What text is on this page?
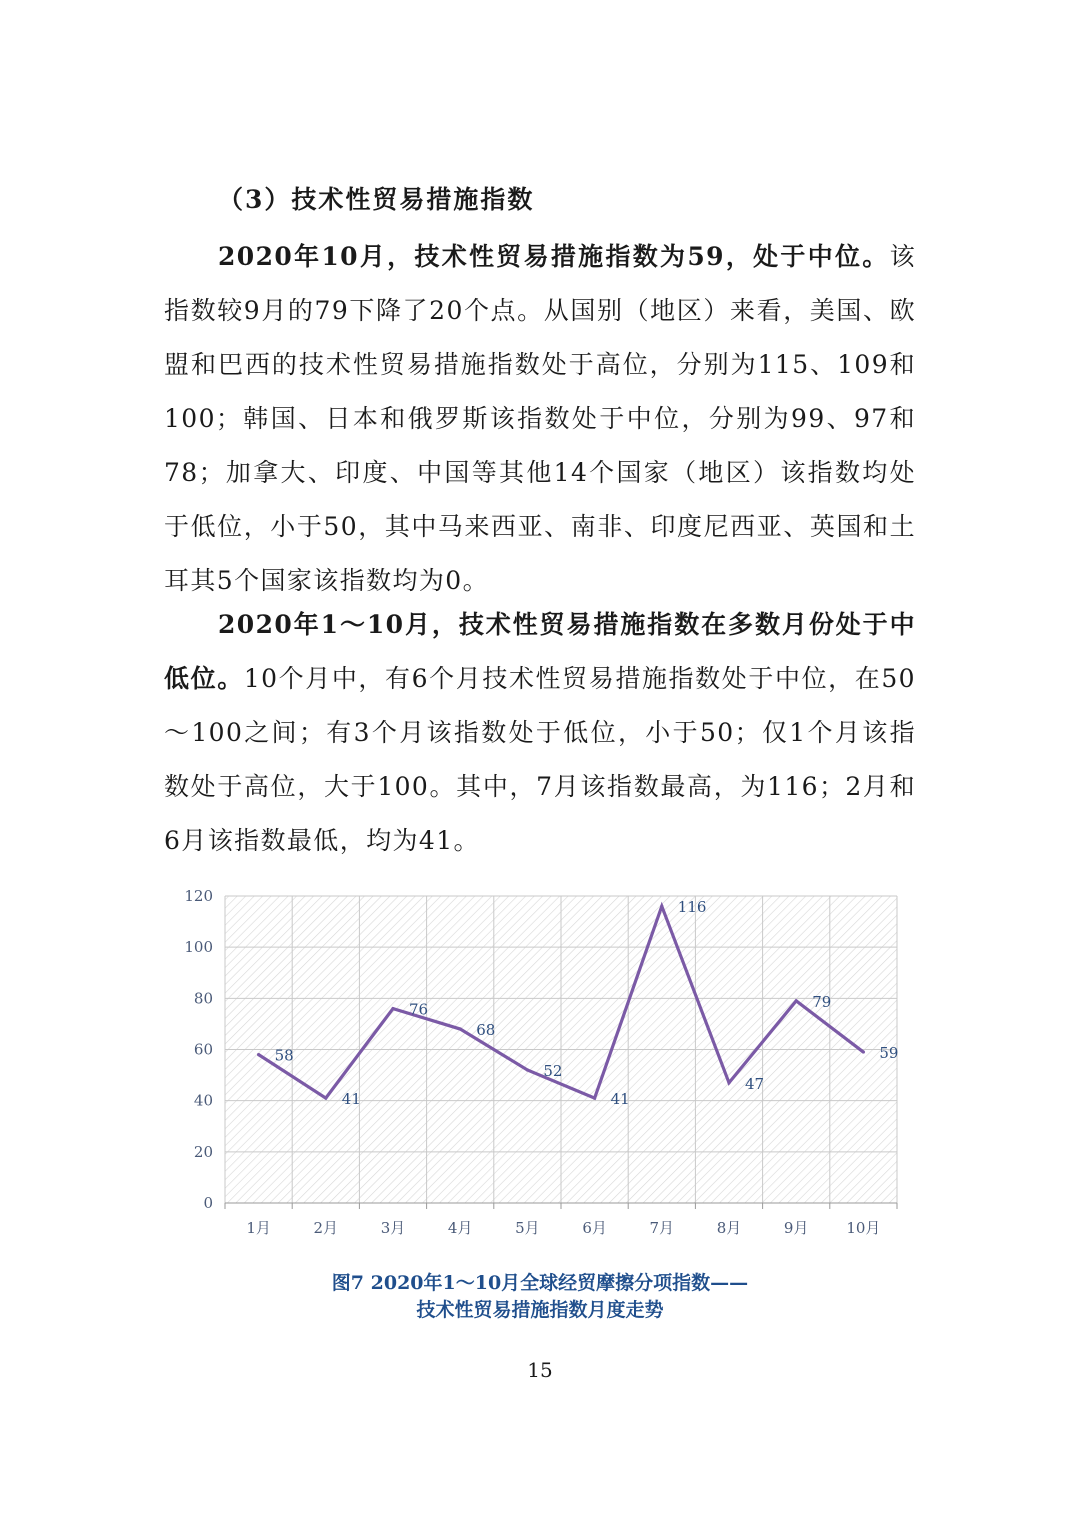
（3）技术性贸易措施指数

2020年10月，技术性贸易措施指数为59，处于中位。该指数较9月的79下降了20个点。从国别（地区）来看，美国、欧盟和巴西的技术性贸易措施指数处于高位，分别为115、109和100；韩国、日本和俄罗斯该指数处于中位，分别为99、97和78；加拿大、印度、中国等其他14个国家（地区）该指数均处于低位，小于50，其中马来西亚、南非、印度尼西亚、英国和土耳其5个国家该指数均为0。

2020年1～10月，技术性贸易措施指数在多数月份处于中低位。10个月中，有6个月技术性贸易措施指数处于中位，在50～100之间；有3个月该指数处于低位，小于50；仅1个月该指数处于高位，大于100。其中，7月该指数最高，为116；2月和6月该指数最低，均为41。

0
20
40
60
80
100
120
1月	2月	3月	4月	5月	6月	7月	8月	9月	10月
58
41
76
68
52
41
116
47
79
59
图7 2020年1～10月全球经贸摩擦分项指数——
技术性贸易措施指数月度走势
15
